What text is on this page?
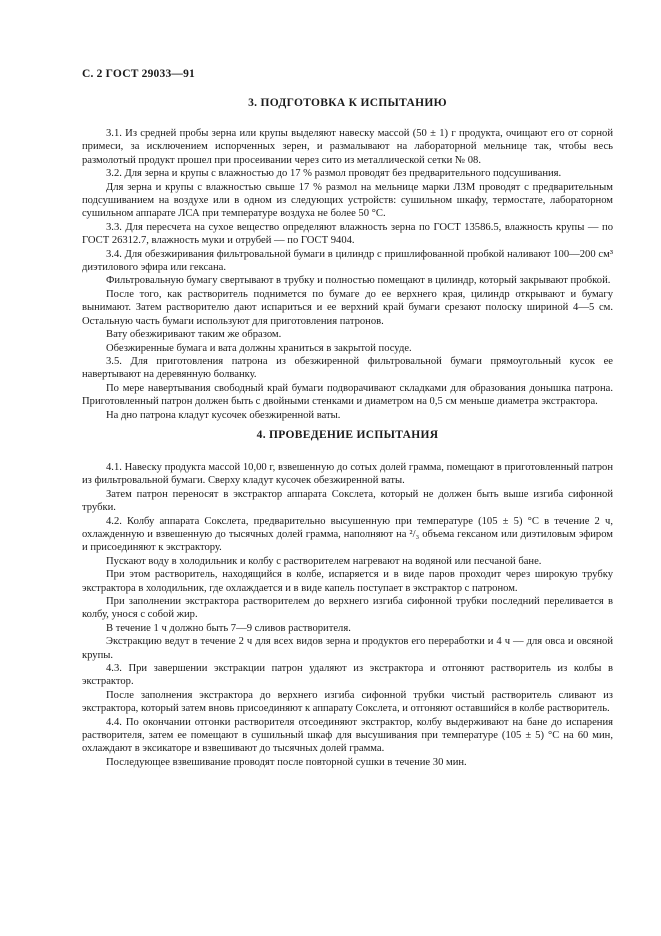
С. 2 ГОСТ 29033—91
3. ПОДГОТОВКА К ИСПЫТАНИЮ

3.1. Из средней пробы зерна или крупы выделяют навеску массой (50 ± 1) г продукта, очищают его от сорной примеси, за исключением испорченных зерен, и размалывают на лабораторной мельнице так, чтобы весь размолотый продукт прошел при просеивании через сито из металлической сетки № 08.

3.2. Для зерна и крупы с влажностью до 17 % размол проводят без предварительного подсушивания.

Для зерна и крупы с влажностью свыше 17 % размол на мельнице марки ЛЗМ проводят с предварительным подсушиванием на воздухе или в одном из следующих устройств: сушильном шкафу, термостате, лабораторном сушильном аппарате ЛСА при температуре воздуха не более 50 °С.

3.3. Для пересчета на сухое вещество определяют влажность зерна по ГОСТ 13586.5, влажность крупы — по ГОСТ 26312.7, влажность муки и отрубей — по ГОСТ 9404.

3.4. Для обезжиривания фильтровальной бумаги в цилиндр с пришлифованной пробкой наливают 100—200 см³ диэтилового эфира или гексана.

Фильтровальную бумагу свертывают в трубку и полностью помещают в цилиндр, который закрывают пробкой.

После того, как растворитель поднимется по бумаге до ее верхнего края, цилиндр открывают и бумагу вынимают. Затем растворителю дают испариться и ее верхний край бумаги срезают полоску шириной 4—5 см. Остальную часть бумаги используют для приготовления патронов.

Вату обезжиривают таким же образом.

Обезжиренные бумага и вата должны храниться в закрытой посуде.

3.5. Для приготовления патрона из обезжиренной фильтровальной бумаги прямоугольный кусок ее навертывают на деревянную болванку.

По мере навертывания свободный край бумаги подворачивают складками для образования донышка патрона. Приготовленный патрон должен быть с двойными стенками и диаметром на 0,5 см меньше диаметра экстрактора.

На дно патрона кладут кусочек обезжиренной ваты.

4. ПРОВЕДЕНИЕ ИСПЫТАНИЯ

4.1. Навеску продукта массой 10,00 г, взвешенную до сотых долей грамма, помещают в приготовленный патрон из фильтровальной бумаги. Сверху кладут кусочек обезжиренной ваты.

Затем патрон переносят в экстрактор аппарата Сокслета, который не должен быть выше изгиба сифонной трубки.

4.2. Колбу аппарата Сокслета, предварительно высушенную при температуре (105 ± 5) °С в течение 2 ч, охлажденную и взвешенную до тысячных долей грамма, наполняют на ²/₃ объема гексаном или диэтиловым эфиром и присоединяют к экстрактору.

Пускают воду в холодильник и колбу с растворителем нагревают на водяной или песчаной бане.

При этом растворитель, находящийся в колбе, испаряется и в виде паров проходит через широкую трубку экстрактора в холодильник, где охлаждается и в виде капель поступает в экстрактор с патроном.

При заполнении экстрактора растворителем до верхнего изгиба сифонной трубки последний переливается в колбу, унося с собой жир.

В течение 1 ч должно быть 7—9 сливов растворителя.

Экстракцию ведут в течение 2 ч для всех видов зерна и продуктов его переработки и 4 ч — для овса и овсяной крупы.

4.3. При завершении экстракции патрон удаляют из экстрактора и отгоняют растворитель из колбы в экстрактор.

После заполнения экстрактора до верхнего изгиба сифонной трубки чистый растворитель сливают из экстрактора, который затем вновь присоединяют к аппарату Сокслета, и отгоняют оставшийся в колбе растворитель.

4.4. По окончании отгонки растворителя отсоединяют экстрактор, колбу выдерживают на бане до испарения растворителя, затем ее помещают в сушильный шкаф для высушивания при температуре (105 ± 5) °С на 60 мин, охлаждают в эксикаторе и взвешивают до тысячных долей грамма.

Последующее взвешивание проводят после повторной сушки в течение 30 мин.
